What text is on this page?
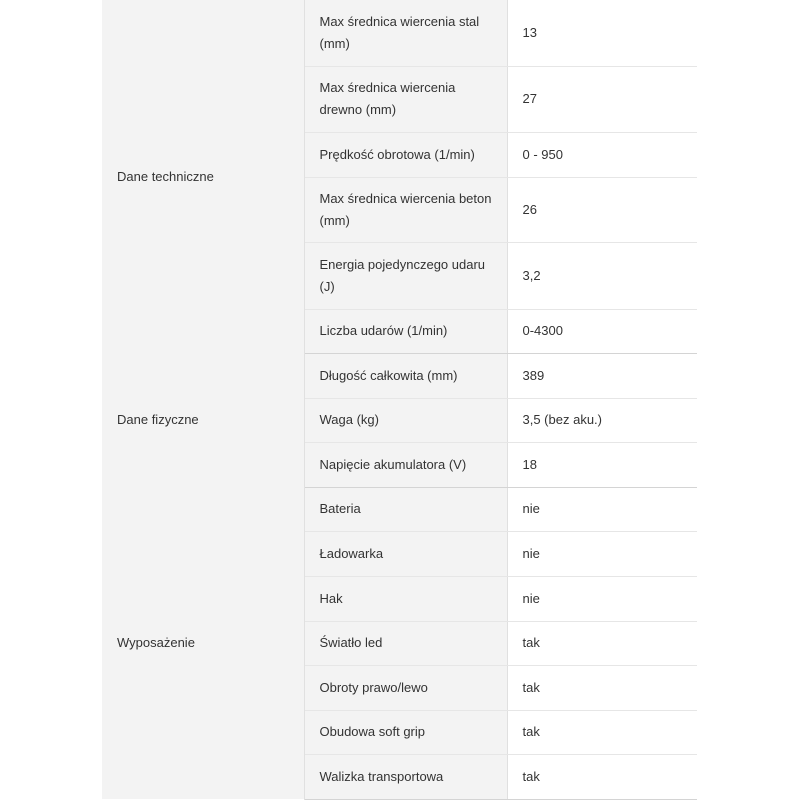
Dane techniczne	Max średnica wiercenia stal (mm)	13
	Max średnica wiercenia drewno (mm)	27
	Prędkość obrotowa (1/min)	0 - 950
	Max średnica wiercenia beton (mm)	26
	Energia pojedynczego udaru (J)	3,2
	Liczba udarów (1/min)	0-4300
Dane fizyczne	Długość całkowita (mm)	389
	Waga (kg)	3,5 (bez aku.)
	Napięcie akumulatora (V)	18
Wyposażenie	Bateria	nie
	Ładowarka	nie
	Hak	nie
	Światło led	tak
	Obroty prawo/lewo	tak
	Obudowa soft grip	tak
	Walizka transportowa	tak
